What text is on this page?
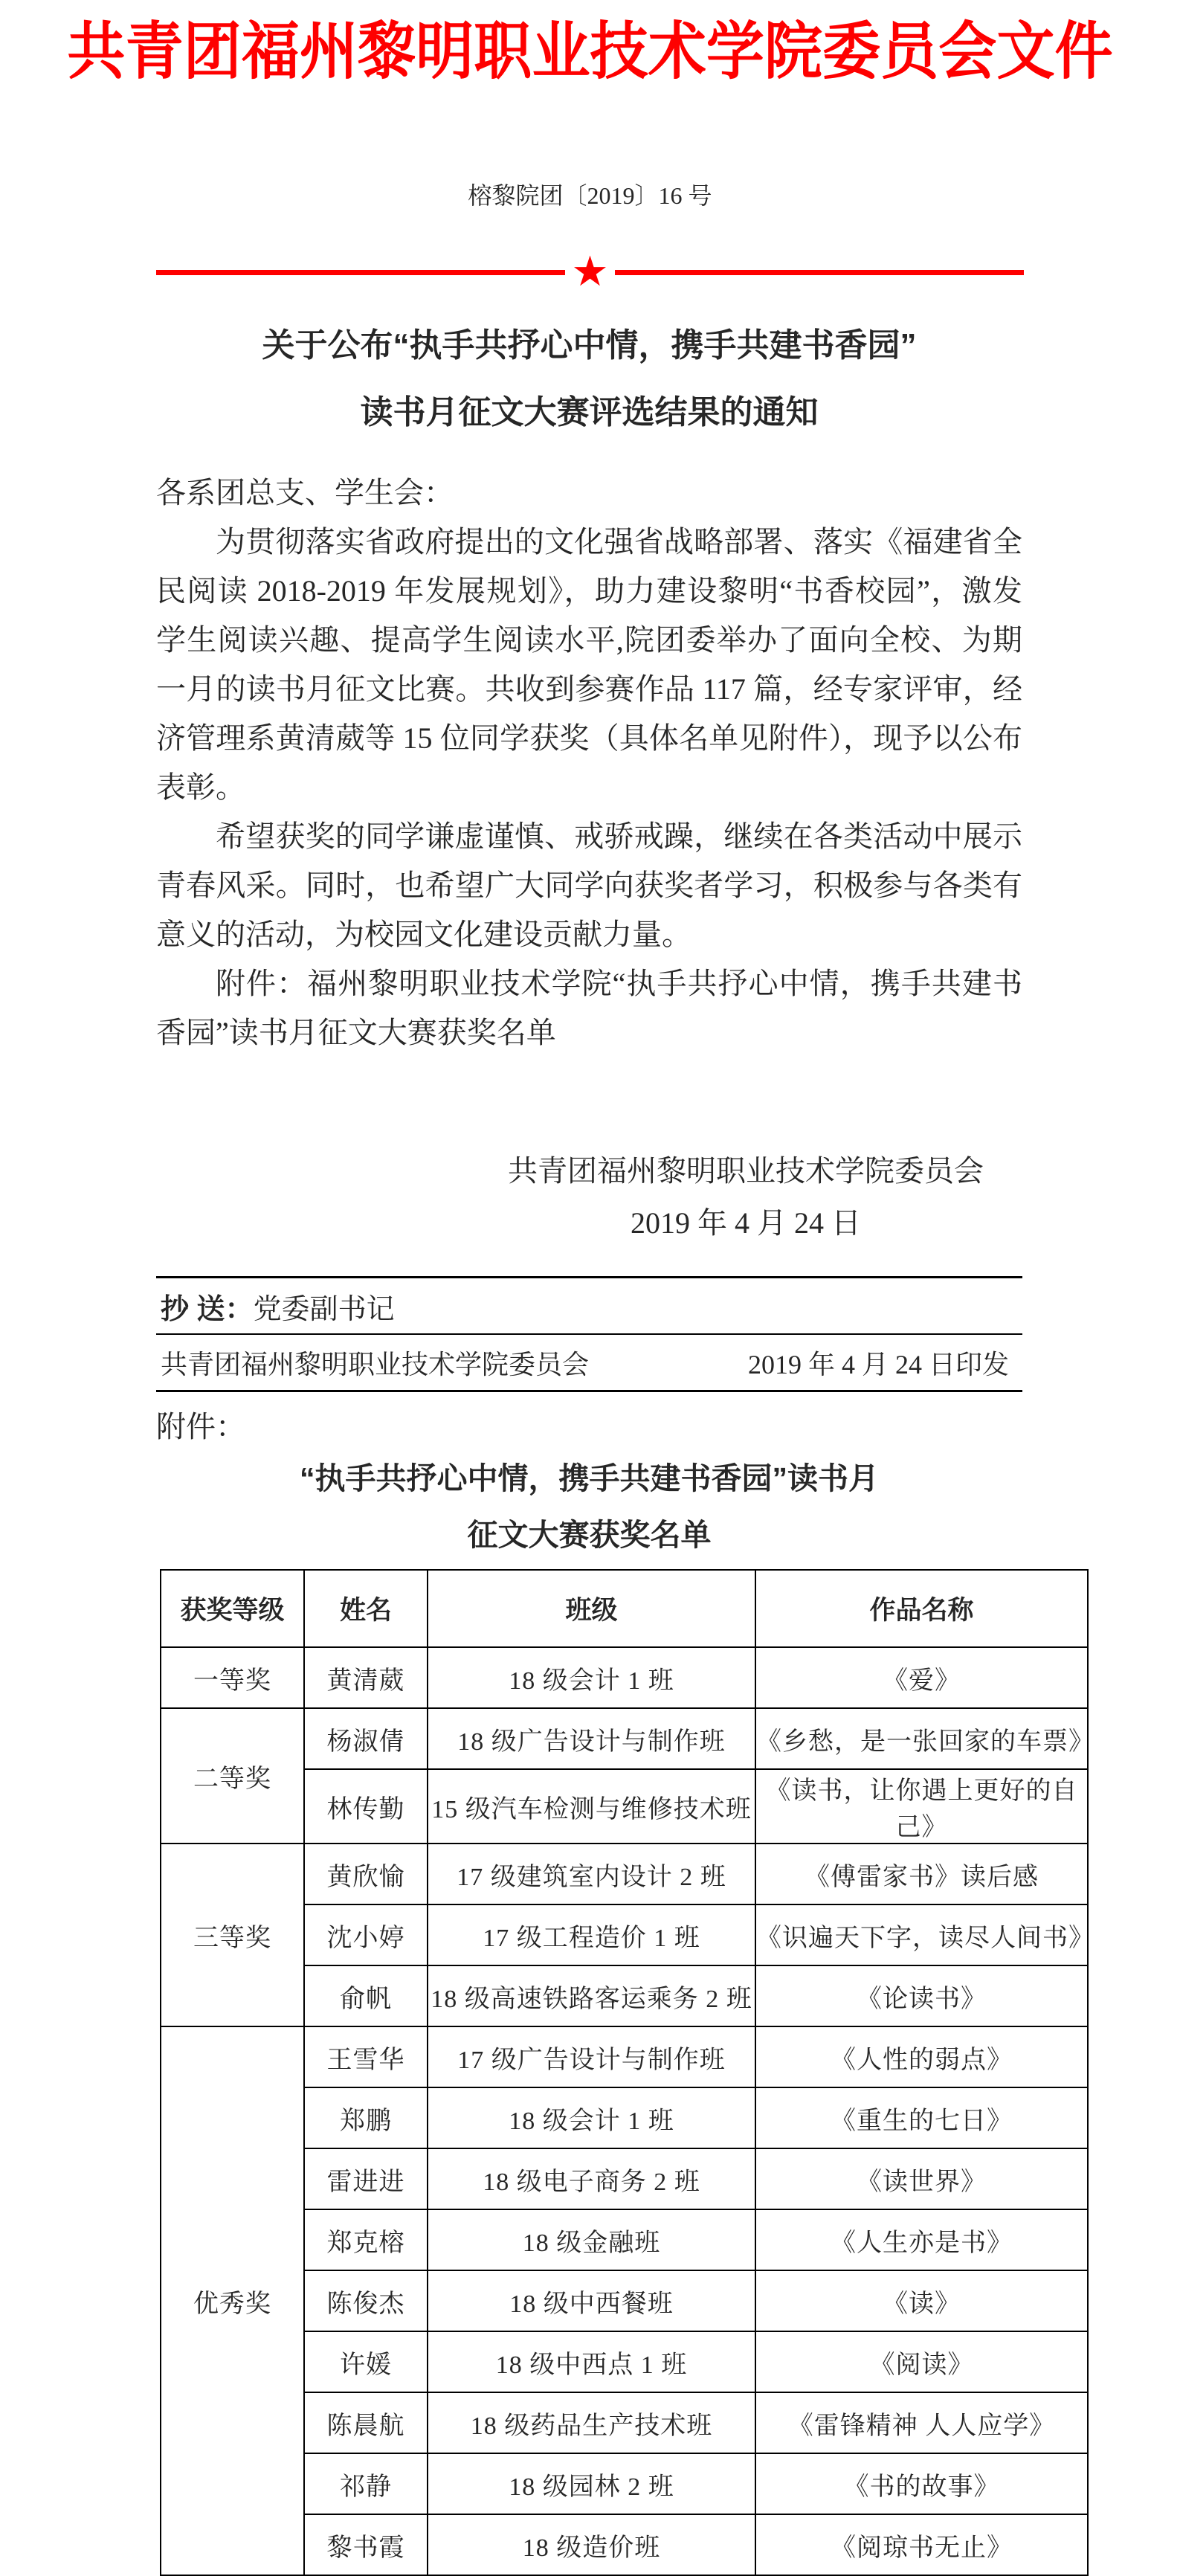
共青团福州黎明职业技术学院委员会文件
榕黎院团〔2019〕16 号
★
关于公布“执手共抒心中情，携手共建书香园”
读书月征文大赛评选结果的通知

各系团总支、学生会：

为贯彻落实省政府提出的文化强省战略部署、落实《福建省全民阅读 2018-2019 年发展规划》，助力建设黎明“书香校园”，激发学生阅读兴趣、提高学生阅读水平,院团委举办了面向全校、为期一月的读书月征文比赛。共收到参赛作品 117 篇，经专家评审，经济管理系黄清葳等 15 位同学获奖（具体名单见附件），现予以公布表彰。

希望获奖的同学谦虚谨慎、戒骄戒躁，继续在各类活动中展示青春风采。同时，也希望广大同学向获奖者学习，积极参与各类有意义的活动，为校园文化建设贡献力量。

附件：福州黎明职业技术学院“执手共抒心中情，携手共建书香园”读书月征文大赛获奖名单

共青团福州黎明职业技术学院委员会
2019 年 4 月 24 日
抄 送： 党委副书记
共青团福州黎明职业技术学院委员会	2019 年 4 月 24 日印发

附件：

“执手共抒心中情，携手共建书香园”读书月
征文大赛获奖名单
获奖等级	姓名	班级	作品名称
一等奖	黄清葳	18 级会计 1 班	《爱》
二等奖	杨淑倩	18 级广告设计与制作班	《乡愁，是一张回家的车票》
	林传勤	15 级汽车检测与维修技术班	《读书，让你遇上更好的自己》
三等奖	黄欣愉	17 级建筑室内设计 2 班	《傅雷家书》读后感
	沈小婷	17 级工程造价 1 班	《识遍天下字，读尽人间书》
	俞帆	18 级高速铁路客运乘务 2 班	《论读书》
优秀奖	王雪华	17 级广告设计与制作班	《人性的弱点》
	郑鹏	18 级会计 1 班	《重生的七日》
	雷进进	18 级电子商务 2 班	《读世界》
	郑克榕	18 级金融班	《人生亦是书》
	陈俊杰	18 级中西餐班	《读》
	许媛	18 级中西点 1 班	《阅读》
	陈晨航	18 级药品生产技术班	《雷锋精神 人人应学》
	祁静	18 级园林 2 班	《书的故事》
	黎书霞	18 级造价班	《阅琼书无止》
